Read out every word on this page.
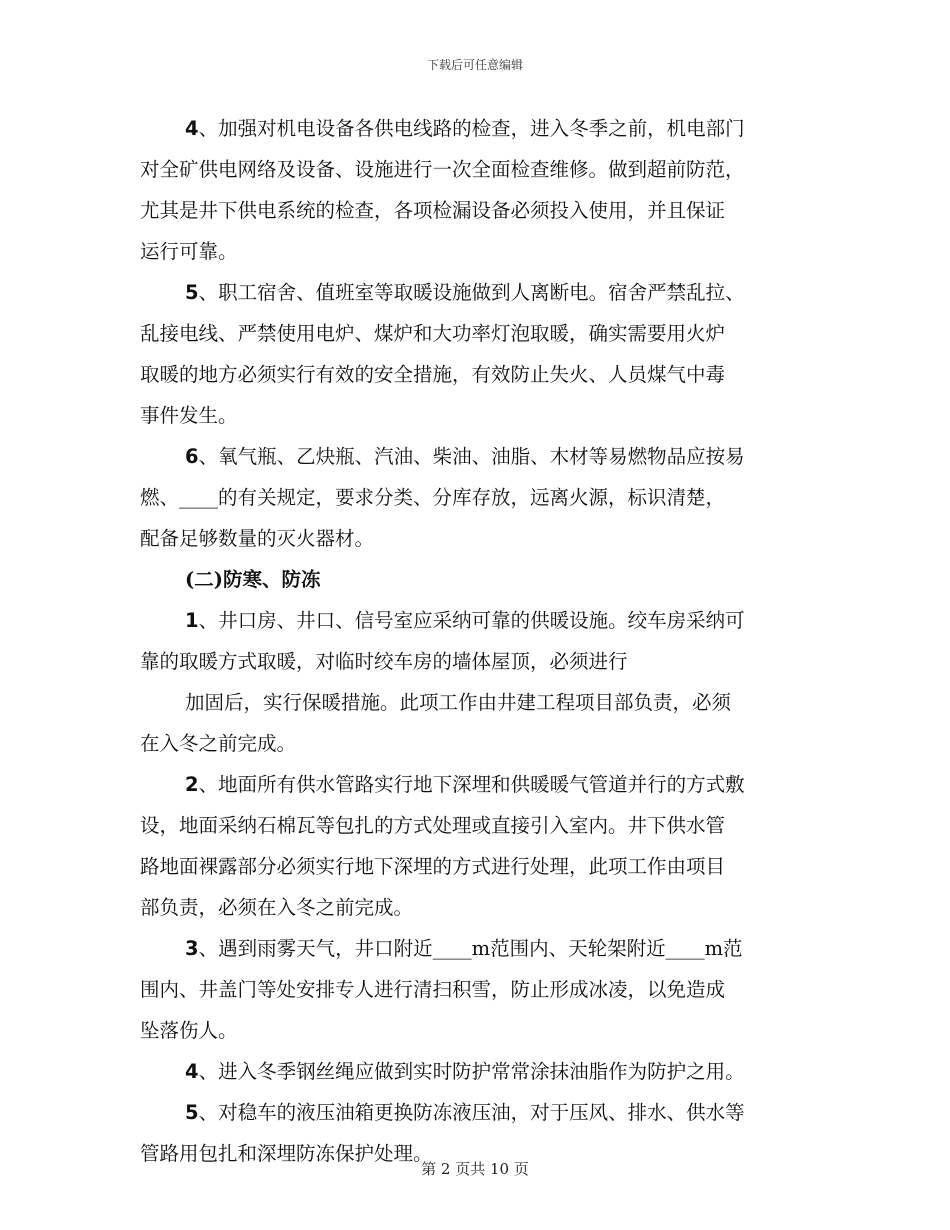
下载后可任意编辑
4、加强对机电设备各供电线路的检查，进入冬季之前，机电部门
对全矿供电网络及设备、设施进行一次全面检查维修。做到超前防范，
尤其是井下供电系统的检查，各项检漏设备必须投入使用，并且保证
运行可靠。
5、职工宿舍、值班室等取暖设施做到人离断电。宿舍严禁乱拉、
乱接电线、严禁使用电炉、煤炉和大功率灯泡取暖，确实需要用火炉
取暖的地方必须实行有效的安全措施，有效防止失火、人员煤气中毒
事件发生。
6、氧气瓶、乙炔瓶、汽油、柴油、油脂、木材等易燃物品应按易
燃、____的有关规定，要求分类、分库存放，远离火源，标识清楚，
配备足够数量的灭火器材。
(二)防寒、防冻
1、井口房、井口、信号室应采纳可靠的供暖设施。绞车房采纳可
靠的取暖方式取暖，对临时绞车房的墙体屋顶，必须进行
加固后，实行保暖措施。此项工作由井建工程项目部负责，必须
在入冬之前完成。
2、地面所有供水管路实行地下深埋和供暖暖气管道并行的方式敷
设，地面采纳石棉瓦等包扎的方式处理或直接引入室内。井下供水管
路地面裸露部分必须实行地下深埋的方式进行处理，此项工作由项目
部负责，必须在入冬之前完成。
3、遇到雨雾天气，井口附近____m范围内、天轮架附近____m范
围内、井盖门等处安排专人进行清扫积雪，防止形成冰凌，以免造成
坠落伤人。
4、进入冬季钢丝绳应做到实时防护常常涂抹油脂作为防护之用。
5、对稳车的液压油箱更换防冻液压油，对于压风、排水、供水等
管路用包扎和深埋防冻保护处理。
第 2 页共 10 页
